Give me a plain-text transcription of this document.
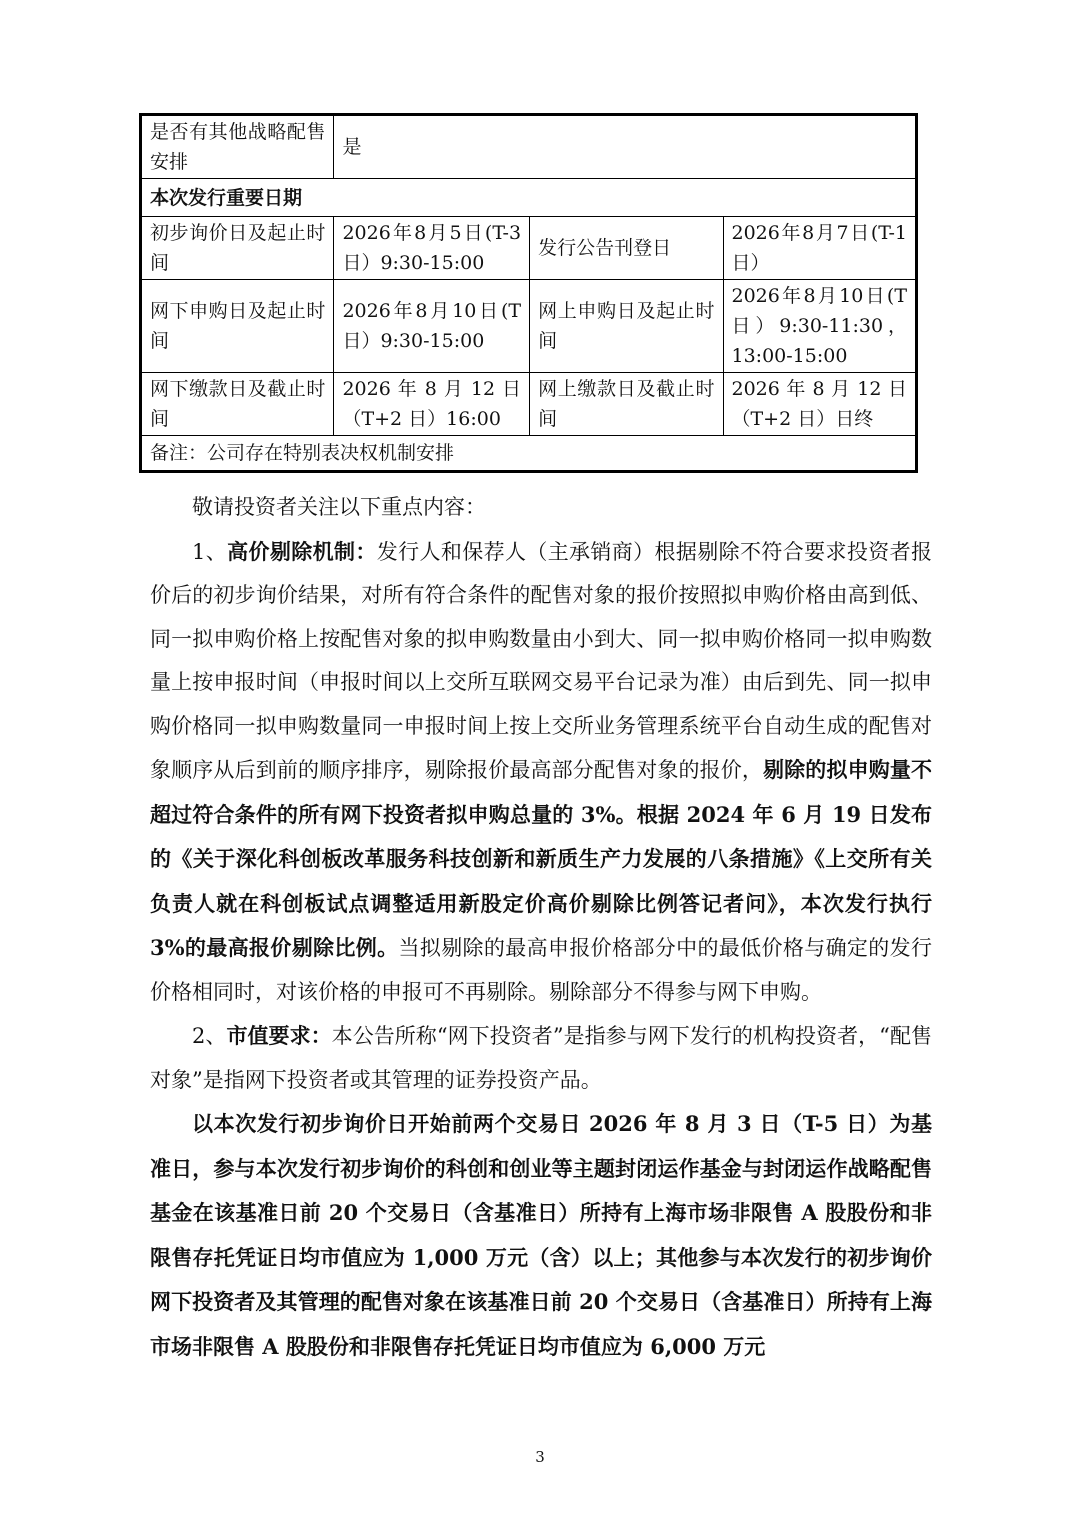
是否有其他战略配售安排	是		
本次发行重要日期			
初步询价日及起止时间	2026年8月5日(T-3日）9:30-15:00	发行公告刊登日	2026年8月7日(T-1日）
网下申购日及起止时间	2026年8月10日(T日）9:30-15:00	网上申购日及起止时间	2026年8月10日(T日）9:30-11:30，13:00-15:00
网下缴款日及截止时间	2026 年 8 月 12 日（T+2 日）16:00	网上缴款日及截止时间	2026 年 8 月 12 日（T+2 日）日终
备注：公司存在特别表决权机制安排			

敬请投资者关注以下重点内容：

1、高价剔除机制：发行人和保荐人（主承销商）根据剔除不符合要求投资者报价后的初步询价结果，对所有符合条件的配售对象的报价按照拟申购价格由高到低、同一拟申购价格上按配售对象的拟申购数量由小到大、同一拟申购价格同一拟申购数量上按申报时间（申报时间以上交所互联网交易平台记录为准）由后到先、同一拟申购价格同一拟申购数量同一申报时间上按上交所业务管理系统平台自动生成的配售对象顺序从后到前的顺序排序，剔除报价最高部分配售对象的报价，剔除的拟申购量不超过符合条件的所有网下投资者拟申购总量的 3%。根据 2024 年 6 月 19 日发布的《关于深化科创板改革服务科技创新和新质生产力发展的八条措施》《上交所有关负责人就在科创板试点调整适用新股定价高价剔除比例答记者问》，本次发行执行 3%的最高报价剔除比例。当拟剔除的最高申报价格部分中的最低价格与确定的发行价格相同时，对该价格的申报可不再剔除。剔除部分不得参与网下申购。

2、市值要求：本公告所称“网下投资者”是指参与网下发行的机构投资者，“配售对象”是指网下投资者或其管理的证券投资产品。

以本次发行初步询价日开始前两个交易日 2026 年 8 月 3 日（T-5 日）为基准日，参与本次发行初步询价的科创和创业等主题封闭运作基金与封闭运作战略配售基金在该基准日前 20 个交易日（含基准日）所持有上海市场非限售 A 股股份和非限售存托凭证日均市值应为 1,000 万元（含）以上；其他参与本次发行的初步询价网下投资者及其管理的配售对象在该基准日前 20 个交易日（含基准日）所持有上海市场非限售 A 股股份和非限售存托凭证日均市值应为 6,000 万元

3
